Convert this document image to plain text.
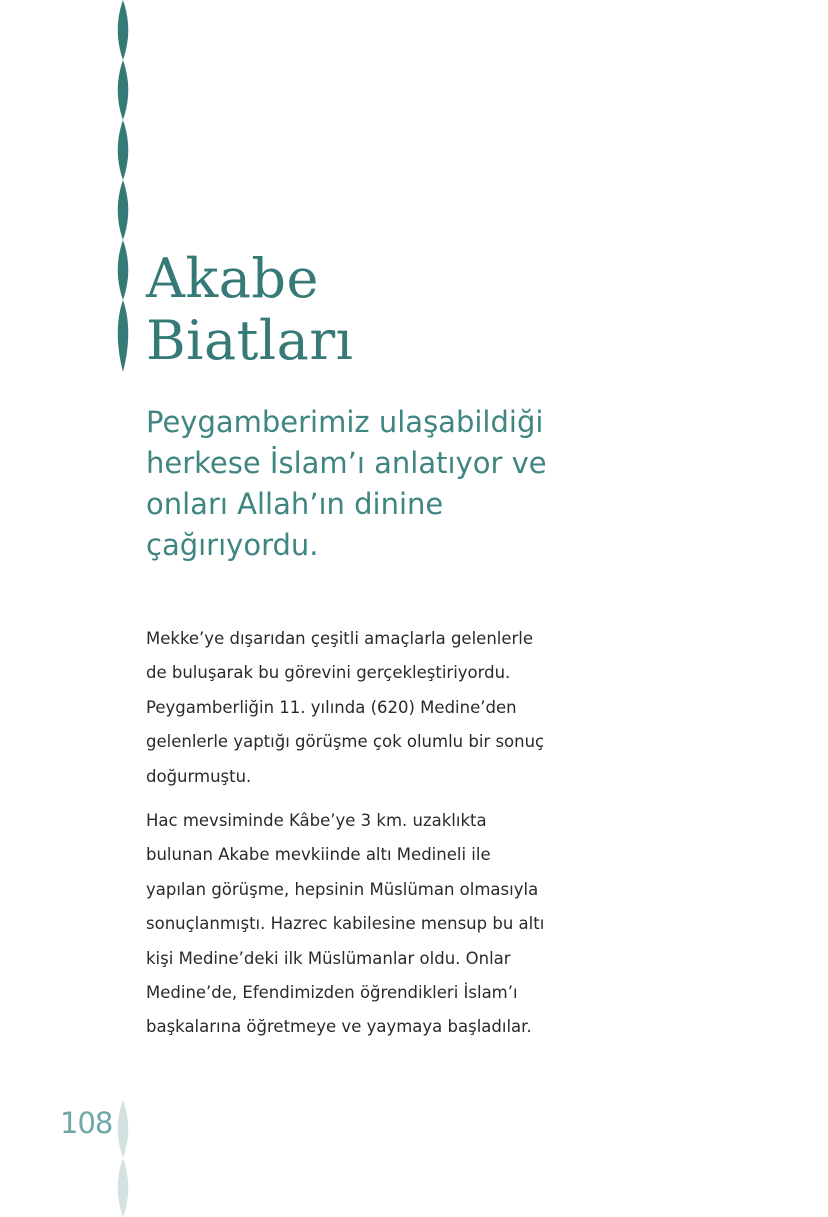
Akabe
Biatları

Peygamberimiz ulaşabildiği herkese İslam’ı anlatıyor ve onları Allah’ın dinine çağırıyordu.

Mekke’ye dışarıdan çeşitli amaçlarla gelenlerle de buluşarak bu görevini gerçekleştiriyordu. Peygamberliğin 11. yılında (620) Medine’den gelenlerle yaptığı görüşme çok olumlu bir sonuç doğurmuştu.

Hac mevsiminde Kâbe’ye 3 km. uzaklıkta bulunan Akabe mevkiinde altı Medineli ile yapılan görüşme, hepsinin Müslüman olmasıyla sonuçlanmıştı. Hazrec kabilesine mensup bu altı kişi Medine’deki ilk Müslümanlar oldu. Onlar Medine’de, Efendimizden öğrendikleri İslam’ı başkalarına öğretmeye ve yaymaya başladılar.

108
